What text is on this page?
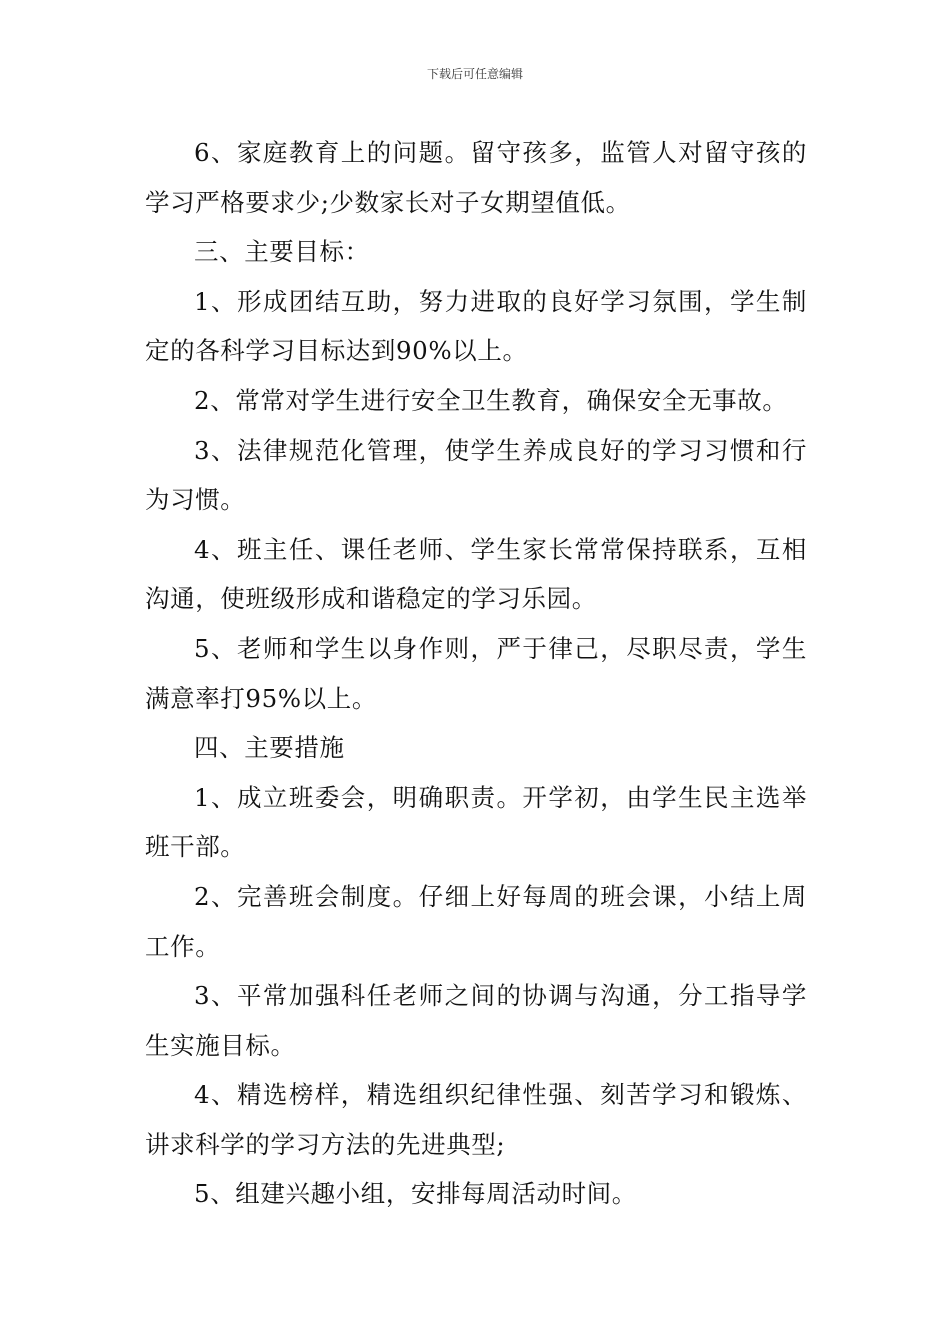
下载后可任意编辑

6、家庭教育上的问题。留守孩多，监管人对留守孩的学习严格要求少;少数家长对子女期望值低。

三、主要目标：

1、形成团结互助，努力进取的良好学习氛围，学生制定的各科学习目标达到90%以上。

2、常常对学生进行安全卫生教育，确保安全无事故。

3、法律规范化管理，使学生养成良好的学习习惯和行为习惯。

4、班主任、课任老师、学生家长常常保持联系，互相沟通，使班级形成和谐稳定的学习乐园。

5、老师和学生以身作则，严于律己，尽职尽责，学生满意率打95%以上。

四、主要措施

1、成立班委会，明确职责。开学初，由学生民主选举班干部。

2、完善班会制度。仔细上好每周的班会课，小结上周工作。

3、平常加强科任老师之间的协调与沟通，分工指导学生实施目标。

4、精选榜样，精选组织纪律性强、刻苦学习和锻炼、讲求科学的学习方法的先进典型;

5、组建兴趣小组，安排每周活动时间。
